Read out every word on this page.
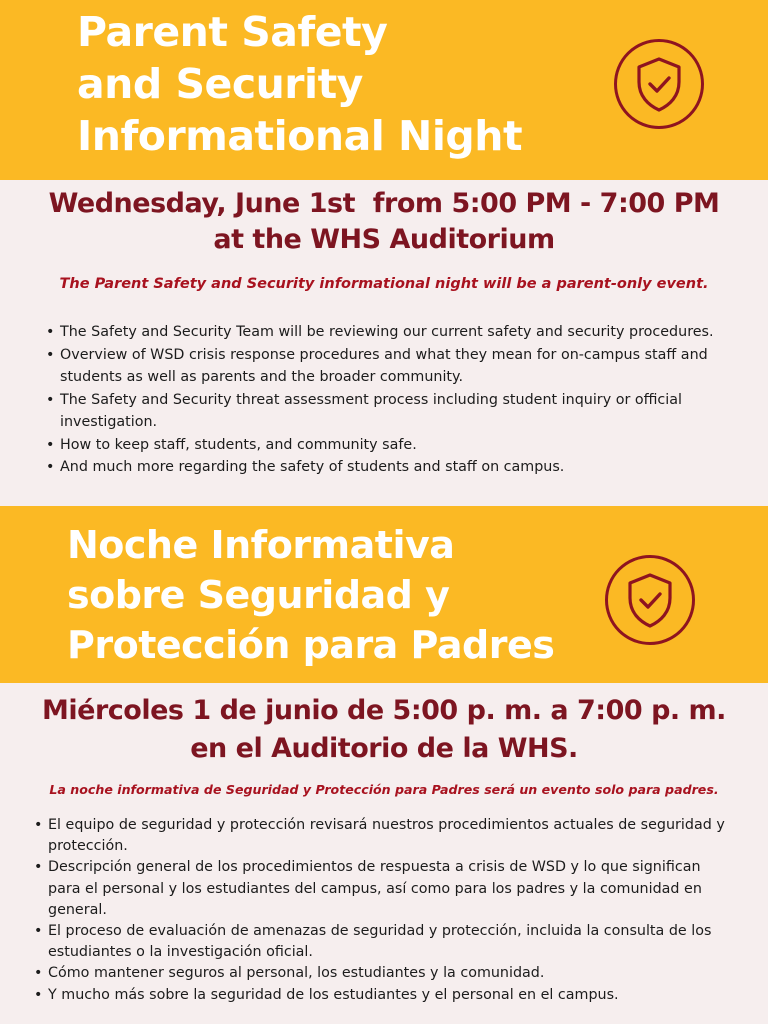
Parent Safety
and Security
Informational Night
Wednesday, June 1st  from 5:00 PM - 7:00 PM
at the WHS Auditorium

The Parent Safety and Security informational night will be a parent-only event.

• The Safety and Security Team will be reviewing our current safety and security procedures.
• Overview of WSD crisis response procedures and what they mean for on-campus staff and students as well as parents and the broader community.
• The Safety and Security threat assessment process including student inquiry or official investigation.
• How to keep staff, students, and community safe.
• And much more regarding the safety of students and staff on campus.
Noche Informativa
sobre Seguridad y
Protección para Padres
Miércoles 1 de junio de 5:00 p. m. a 7:00 p. m.
en el Auditorio de la WHS.

La noche informativa de Seguridad y Protección para Padres será un evento solo para padres.

• El equipo de seguridad y protección revisará nuestros procedimientos actuales de seguridad y protección.
• Descripción general de los procedimientos de respuesta a crisis de WSD y lo que significan para el personal y los estudiantes del campus, así como para los padres y la comunidad en general.
• El proceso de evaluación de amenazas de seguridad y protección, incluida la consulta de los estudiantes o la investigación oficial.
• Cómo mantener seguros al personal, los estudiantes y la comunidad.
• Y mucho más sobre la seguridad de los estudiantes y el personal en el campus.
